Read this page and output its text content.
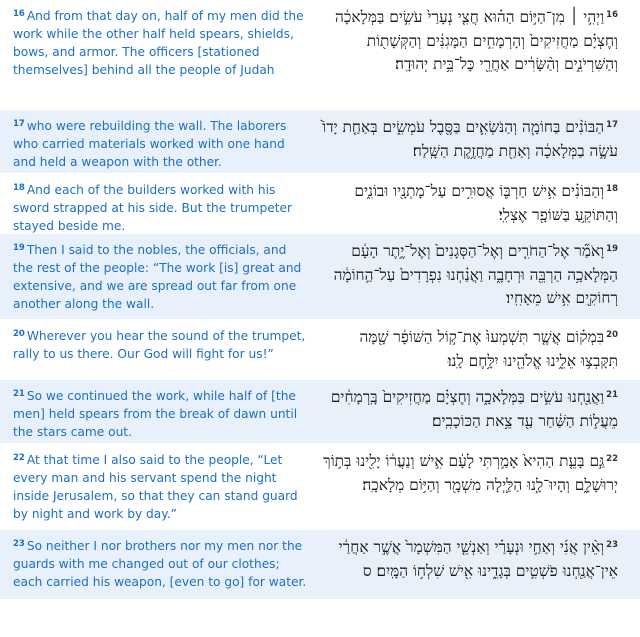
$^{16}$ And from that day on, half of my men did the work while the other half held spears, shields, bows, and armor. The officers [stationed themselves] behind all the people of Judah
$^{16}$וַיְהִ֣י ׀ מִן־הַיּ֣וֹם הַה֗וּא חֲצִ֤י נְעָרַי֙ עֹשִׂ֣ים בַּמְּלָאכָ֔ה וְחֶצְיָ֗ם מַחֲזִיקִים֙ וְהָרְמָחִ֣ים הַמָּגִנִּ֔ים וְהַקְּשָׁת֖וֹת וְהַשִּׁרְיֹנִ֑ים וְהַ֨שָּׂרִ֔ים אַחֲרֵ֖י כׇּל־בֵּ֥ית יְהוּדָֽה׃
$^{17}$ who were rebuilding the wall. The laborers who carried materials worked with one hand and held a weapon with the other.
$^{17}$הַבּוֹנִ֨ים בַּחוֹמָ֧ה וְהַנֹּשְׂאִ֛ים בַּסֶּ֖בֶל עֹמְשִׂ֑ים בְּאַחַ֤ת יָדוֹ֙ עֹשֶׂ֣ה בַמְּלָאכָ֔ה וְאַחַ֖ת מַחֲזֶ֥קֶת הַשָּֽׁלַח׃
$^{18}$ And each of the builders worked with his sword strapped at his side. But the trumpeter stayed beside me.
$^{18}$וְהַבּוֹנִ֗ים אִ֥ישׁ חַרְבּ֛וֹ אֲסוּרִ֥ים עַל־מׇתְנָ֖יו וּבוֹנִ֑ים וְהַתּוֹקֵ֥עַ בַּשּׁוֹפָ֖ר אֶצְלִֽי׃
$^{19}$ Then I said to the nobles, the officials, and the rest of the people: “The work [is] great and extensive, and we are spread out far from one another along the wall.
$^{19}$וָאֹמַ֞ר אֶל־הַחֹרִ֤ים וְאֶל־הַסְּגָנִים֙ וְאֶל־יֶ֣תֶר הָעָ֔ם הַמְּלָאכָ֥ה הַרְבֵּ֖ה וּרְחָבָ֑ה וַאֲנַ֗חְנוּ נִפְרָדִים֙ עַל־הַ֣חוֹמָ֔ה רְחוֹקִ֖ים אִ֥ישׁ מֵאָחִֽיו׃
$^{20}$ Wherever you hear the sound of the trumpet, rally to us there. Our God will fight for us!”
$^{20}$בִּמְק֗וֹם אֲשֶׁ֤ר תִּשְׁמְעוּ֙ אֶת־ק֣וֹל הַשּׁוֹפָ֔ר שָׁ֖מָּה תִּקָּבְצ֣וּ אֵלֵ֑ינוּ אֱלֹהֵ֖ינוּ יִלָּ֥חֶם לָֽנוּ׃
$^{21}$ So we continued the work, while half of [the men] held spears from the break of dawn until the stars came out.
$^{21}$וַאֲנַ֖חְנוּ עֹשִׂ֣ים בַּמְּלָאכָ֑ה וְחֶצְיָ֗ם מַחֲזִיקִים֙ בָּֽרְמָחִ֔ים מֵעֲל֣וֹת הַשַּׁ֔חַר עַ֖ד צֵ֥את הַכּוֹכָבִֽים׃
$^{22}$ At that time I also said to the people, “Let every man and his servant spend the night inside Jerusalem, so that they can stand guard by night and work by day.”
$^{22}$גַּ֣ם בָּעֵ֤ת הַהִיא֙ אָמַ֣רְתִּי לָעָ֔ם אִ֣ישׁ וְנַעֲר֔וֹ יָלִ֖ינוּ בְּת֣וֹךְ יְרוּשָׁלָ֑͏ִם וְהָיוּ־לָ֧נוּ הַלַּ֛יְלָה מִשְׁמָ֖ר וְהַיּ֥וֹם מְלָאכָֽה׃
$^{23}$ So neither I nor brothers nor my men nor the guards with me changed out of our clothes; each carried his weapon, [even to go] for water.
$^{23}$וְאֵ֨ין אֲנִ֜י וְאַחַ֣י וּנְעָרַ֗י וְאַנְשֵׁ֤י הַמִּשְׁמָר֙ אֲשֶׁ֣ר אַחֲרַ֔י אֵין־אֲנַ֖חְנוּ פֹשְׁטִ֣ים בְּגָדֵ֑ינוּ אִ֖ישׁ שִׁלְח֥וֹ הַמָּֽיִם׃ ס
